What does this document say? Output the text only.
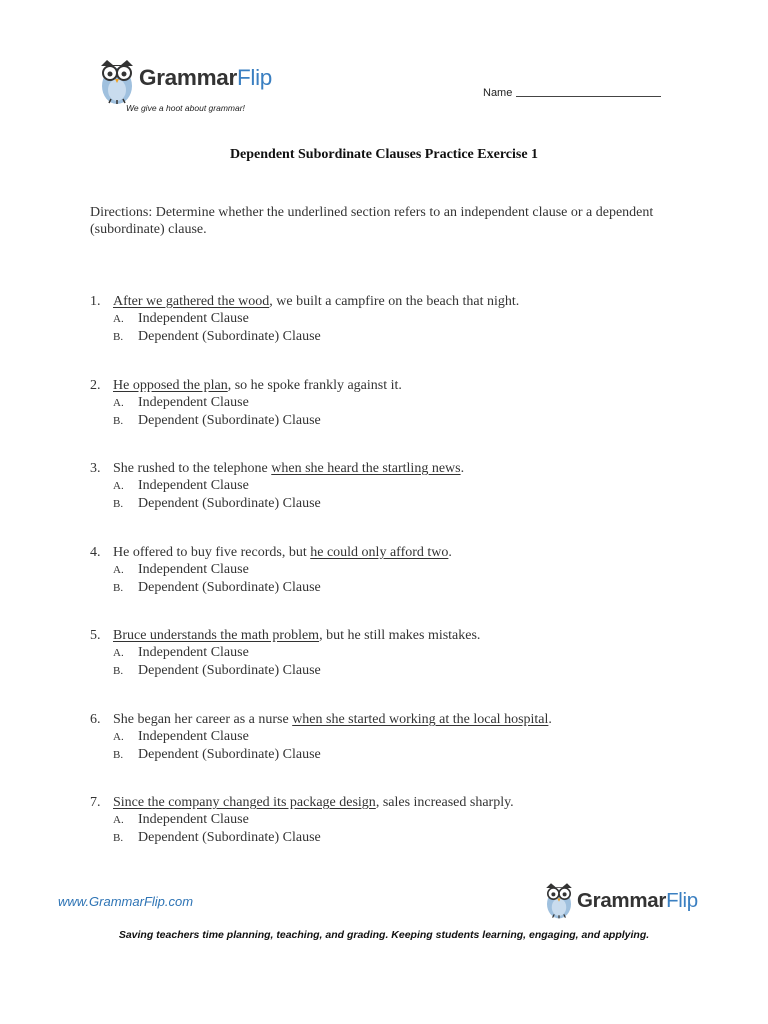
GrammarFlip
We give a hoot about grammar!
Name
Dependent Subordinate Clauses Practice Exercise 1
Directions: Determine whether the underlined section refers to an independent clause or a dependent (subordinate) clause.
1. After we gathered the wood, we built a campfire on the beach that night.
A. Independent Clause
B. Dependent (Subordinate) Clause
2. He opposed the plan, so he spoke frankly against it.
A. Independent Clause
B. Dependent (Subordinate) Clause
3. She rushed to the telephone when she heard the startling news.
A. Independent Clause
B. Dependent (Subordinate) Clause
4. He offered to buy five records, but he could only afford two.
A. Independent Clause
B. Dependent (Subordinate) Clause
5. Bruce understands the math problem, but he still makes mistakes.
A. Independent Clause
B. Dependent (Subordinate) Clause
6. She began her career as a nurse when she started working at the local hospital.
A. Independent Clause
B. Dependent (Subordinate) Clause
7. Since the company changed its package design, sales increased sharply.
A. Independent Clause
B. Dependent (Subordinate) Clause
www.GrammarFlip.com	GrammarFlip
Saving teachers time planning, teaching, and grading. Keeping students learning, engaging, and applying.
